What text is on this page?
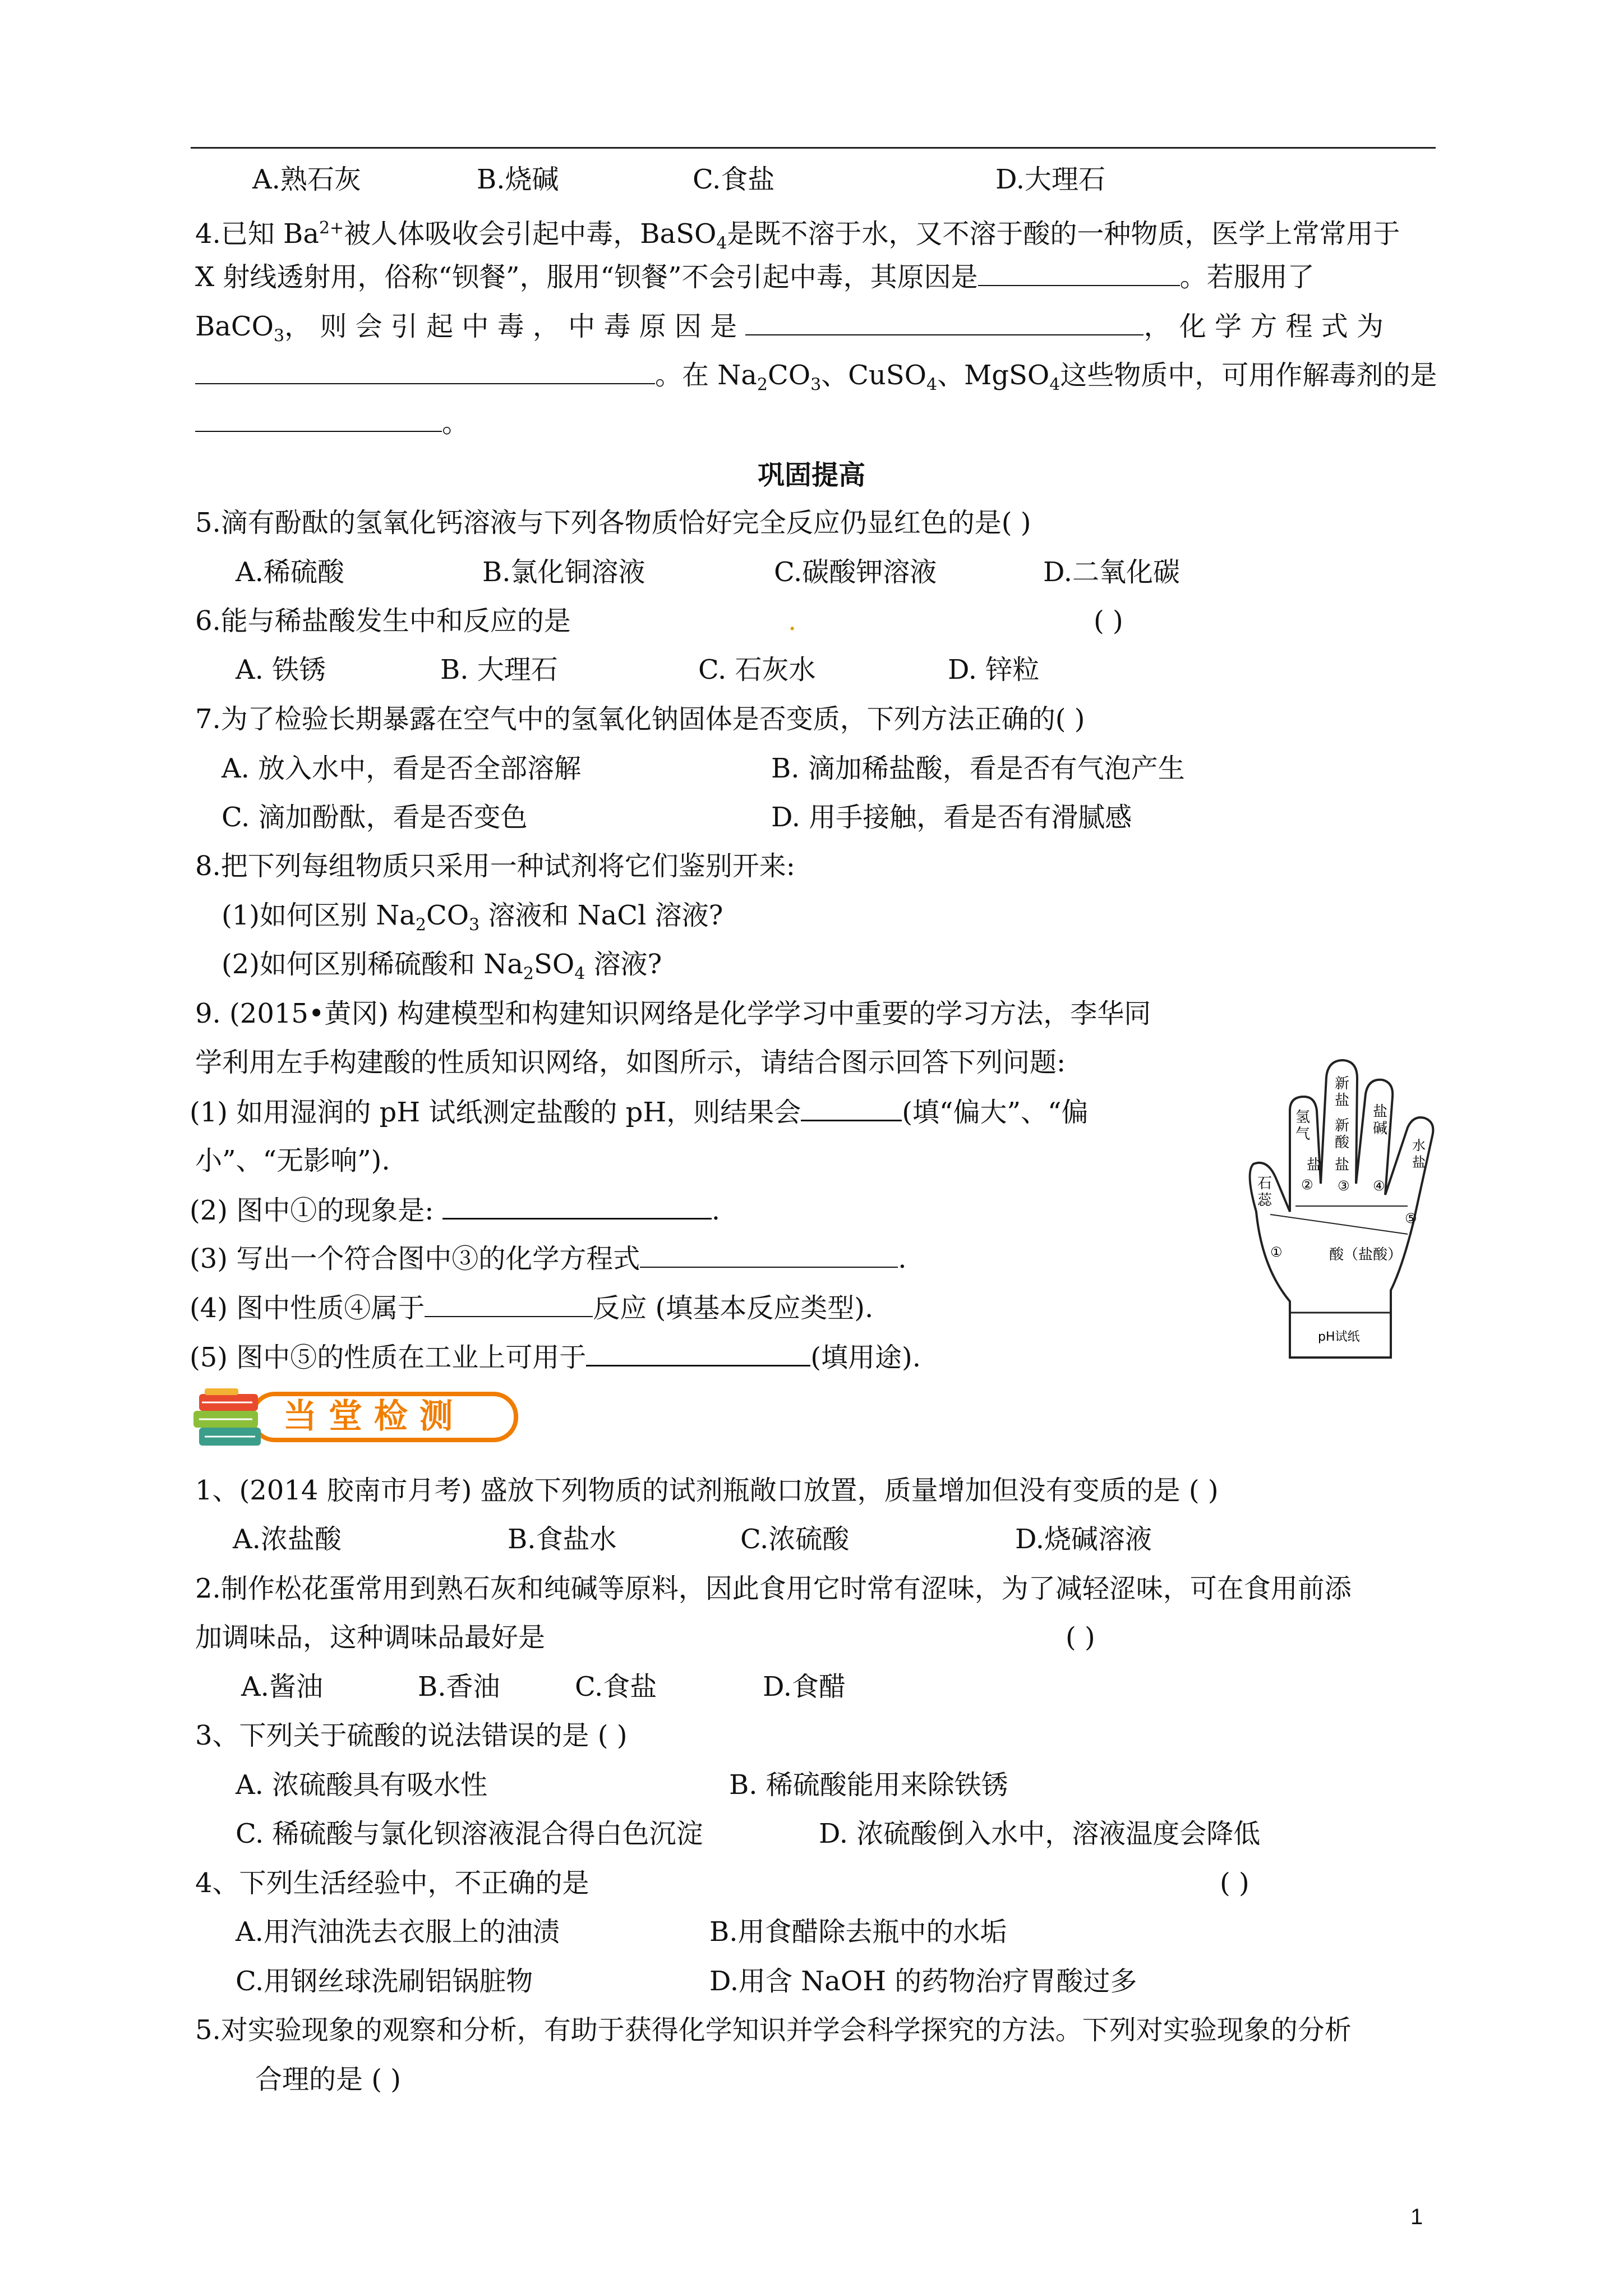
A.熟石灰	B.烧碱	C.食盐	D.大理石
4.已知 $Ba^{2+}$被人体吸收会引起中毒，BaSO$_4$是既不溶于水，又不溶于酸的一种物质，医学上常常用于
X 射线透射用，俗称“钡餐”，服用“钡餐”不会引起中毒，其原因是	。若服用了
BaCO$_3$， 则 会 引 起 中 毒 ， 中 毒 原 因 是	， 化 学 方 程 式 为
。在 $Na_2CO_3$、CuSO$_4$、MgSO$_4$这些物质中，可用作解毒剂的是
。
巩固提高
5.滴有酚酞的氢氧化钙溶液与下列各物质恰好完全反应仍显红色的是( )
A.稀硫酸	B.氯化铜溶液	C.碳酸钾溶液	D.二氧化碳
6.能与稀盐酸发生中和反应的是	.	( )
A. 铁锈	B. 大理石	C. 石灰水	D. 锌粒
7.为了检验长期暴露在空气中的氢氧化钠固体是否变质，下列方法正确的( )
A. 放入水中，看是否全部溶解	B. 滴加稀盐酸，看是否有气泡产生
C. 滴加酚酞，看是否变色	D. 用手接触，看是否有滑腻感
8.把下列每组物质只采用一种试剂将它们鉴别开来:
(1)如何区别 $Na_2CO_3$ 溶液和 NaCl 溶液?
(2)如何区别稀硫酸和 $Na_2SO_4$ 溶液?
9. (2015•黄冈) 构建模型和构建知识网络是化学学习中重要的学习方法，李华同
学利用左手构建酸的性质知识网络，如图所示，请结合图示回答下列问题:
(1) 如用湿润的 pH 试纸测定盐酸的 pH，则结果会	(填“偏大”、“偏
小”、“无影响”).
(2) 图中①的现象是:	.
(3) 写出一个符合图中③的化学方程式	.
(4) 图中性质④属于	反应 (填基本反应类型).
(5) 图中⑤的性质在工业上可用于	(填用途).
氢气
新盐新酸
盐碱
水盐
盐 盐
石蕊
①
② ③ ④
⑤
酸（盐酸）
pH试纸
当 堂 检 测
1、(2014 胶南市月考) 盛放下列物质的试剂瓶敞口放置，质量增加但没有变质的是 ( )
A.浓盐酸	B.食盐水	C.浓硫酸	D.烧碱溶液
2.制作松花蛋常用到熟石灰和纯碱等原料，因此食用它时常有涩味，为了减轻涩味，可在食用前添
加调味品，这种调味品最好是	( )
A.酱油	B.香油	C.食盐	D.食醋
3、下列关于硫酸的说法错误的是 ( )
A. 浓硫酸具有吸水性	B. 稀硫酸能用来除铁锈
C. 稀硫酸与氯化钡溶液混合得白色沉淀	D. 浓硫酸倒入水中，溶液温度会降低
4、下列生活经验中，不正确的是	( )
A.用汽油洗去衣服上的油渍	B.用食醋除去瓶中的水垢
C.用钢丝球洗刷铝锅脏物	D.用含 NaOH 的药物治疗胃酸过多
5.对实验现象的观察和分析，有助于获得化学知识并学会科学探究的方法。下列对实验现象的分析
合理的是 ( )
1
